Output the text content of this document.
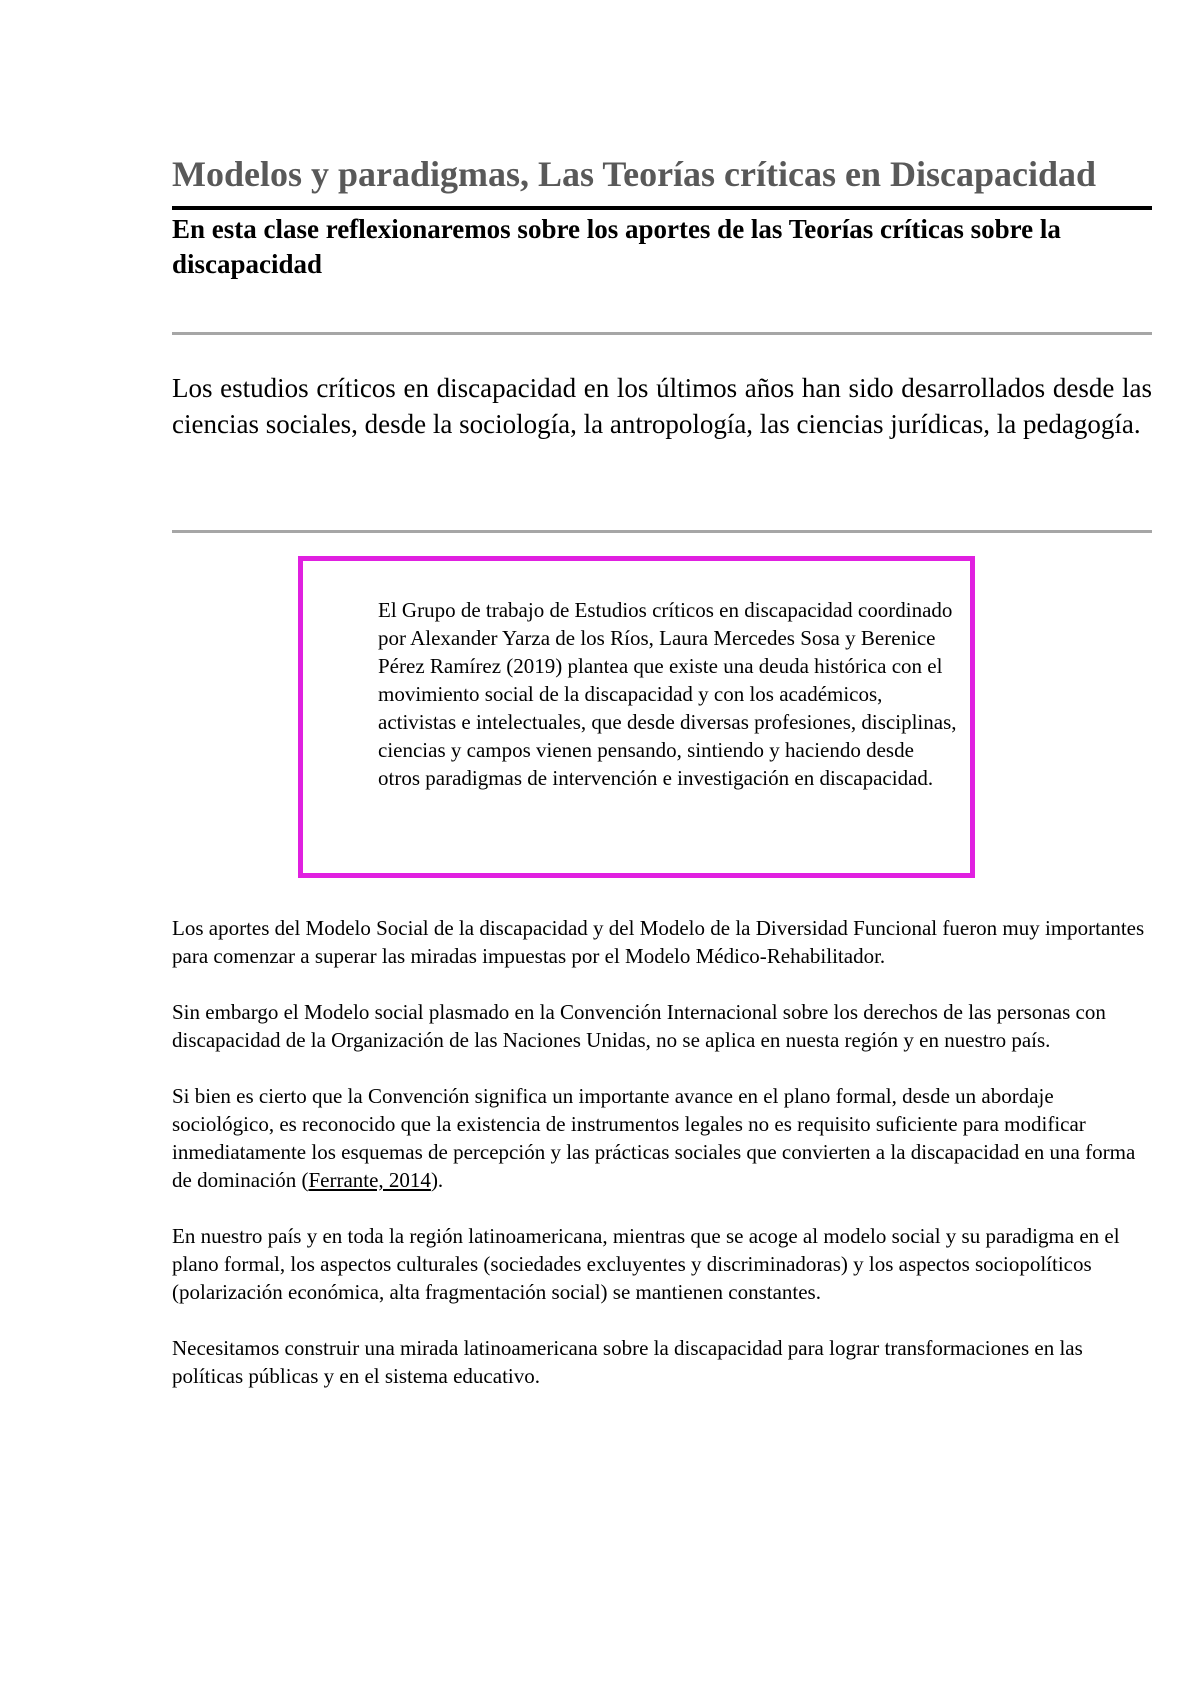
Modelos y paradigmas, Las Teorías críticas en Discapacidad
En esta clase reflexionaremos sobre los aportes de las Teorías críticas sobre la discapacidad

Los estudios críticos en discapacidad en los últimos años han sido desarrollados desde las ciencias sociales, desde la sociología, la antropología, las ciencias jurídicas, la pedagogía.

El Grupo de trabajo de Estudios críticos en discapacidad coordinado por Alexander Yarza de los Ríos, Laura Mercedes Sosa y Berenice Pérez Ramírez (2019) plantea que existe una deuda histórica con el movimiento social de la discapacidad y con los académicos, activistas e intelectuales, que desde diversas profesiones, disciplinas, ciencias y campos vienen pensando, sintiendo y haciendo desde otros paradigmas de intervención e investigación en discapacidad.

Los aportes del Modelo Social de la discapacidad y del Modelo de la Diversidad Funcional fueron muy importantes para comenzar a superar las miradas impuestas por el Modelo Médico-Rehabilitador.

Sin embargo el Modelo social plasmado en la Convención Internacional sobre los derechos de las personas con discapacidad de la Organización de las Naciones Unidas, no se aplica en nuesta región y en nuestro país.

Si bien es cierto que la Convención significa un importante avance en el plano formal, desde un abordaje sociológico, es reconocido que la existencia de instrumentos legales no es requisito suficiente para modificar inmediatamente los esquemas de percepción y las prácticas sociales que convierten a la discapacidad en una forma de dominación (Ferrante, 2014).

En nuestro país y en toda la región latinoamericana, mientras que se acoge al modelo social y su paradigma en el plano formal, los aspectos culturales (sociedades excluyentes y discriminadoras) y los aspectos sociopolíticos (polarización económica, alta fragmentación social) se mantienen constantes.

Necesitamos construir una mirada latinoamericana sobre la discapacidad para lograr transformaciones en las políticas públicas y en el sistema educativo.
